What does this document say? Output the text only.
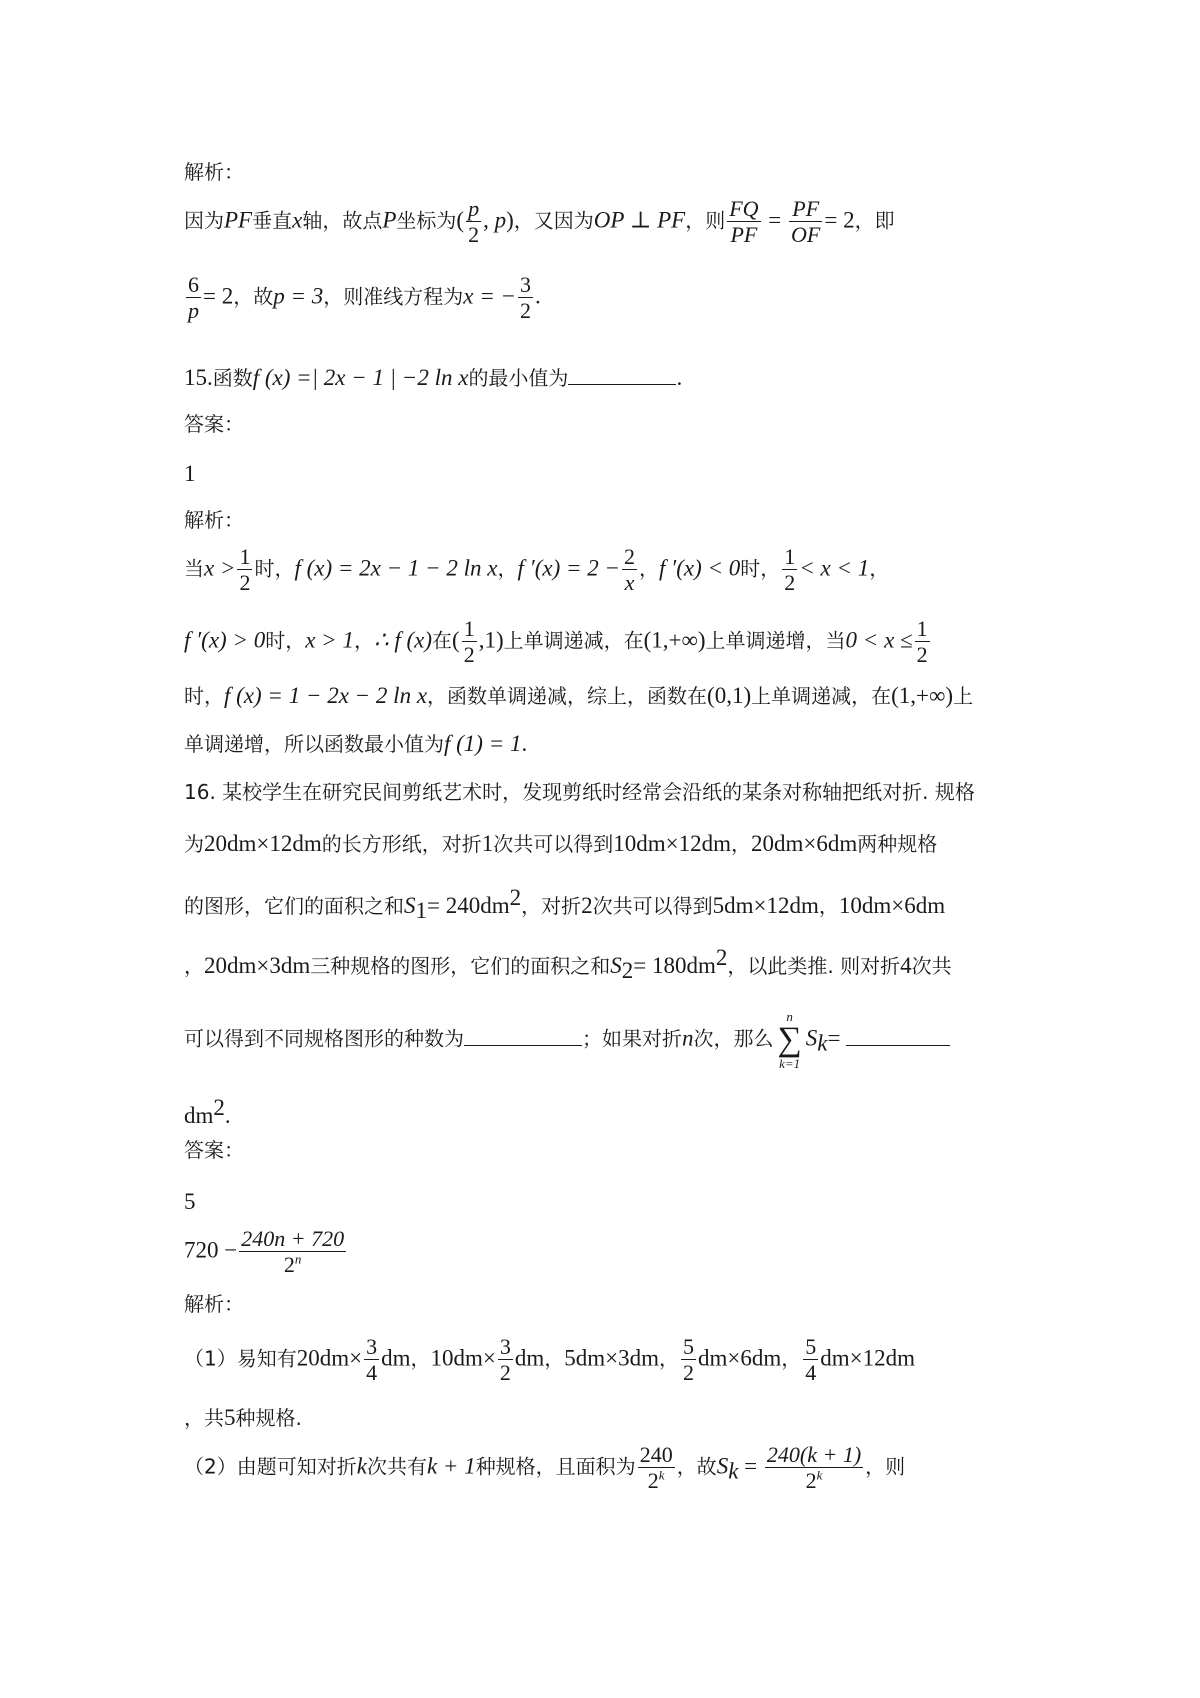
解析：
因为PF垂直x轴，故点P坐标为( $\frac{p}{2}$ , p)，又因为OP ⊥ PF，则 $\frac{FQ}{PF} = \frac{PF}{OF} = 2$，即
$\frac{6}{p} = 2$，故p = 3，则准线方程为x = − $\frac{3}{2}$ .
15.函数f (x) =| 2x − 1 | −2 ln x的最小值为	.
答案：
1
解析：
当$x > \frac{1}{2}$ 时，f (x) = 2x − 1 − 2 ln x，f $'(x) = 2 - \frac{2}{x}$ ，f ′(x) < 0时， $\frac{1}{2} < x < 1$，
f ′(x) > 0时，x > 1，∴ f (x)在( $\frac{1}{2} ,1$)上单调递减，在(1,+∞)上单调递增，当$0 < x \le \frac{1}{2}$
时，f (x) = 1 − 2x − 2 ln x，函数单调递减，综上，函数在(0,1)上单调递减，在(1,+∞)上
单调递增，所以函数最小值为f (1) = 1.
16. 某校学生在研究民间剪纸艺术时，发现剪纸时经常会沿纸的某条对称轴把纸对折. 规格
为20dm×12dm的长方形纸，对折1次共可以得到10dm×12dm，20dm×6dm两种规格
的图形，它们的面积之和$S_1= 240dm^2$，对折2次共可以得到5dm×12dm，10dm×6dm
，20dm×3dm三种规格的图形，它们的面积之和$S_2= 180dm^2$，以此类推. 则对折4次共
可以得到不同规格图形的种数为	；如果对折n次，那么
n
∑
k=1
$S_k=$
$dm^2$.
答案：
5
$720 - \frac{240n + 720}{2^n}$
解析：
（1）易知有$20dm\times \frac{3}{4}$ dm，$10dm\times \frac{3}{2}$ dm，5dm×3dm， $\frac{5}{2} dm\times 6dm$， $\frac{5}{4} dm\times 12dm$
，共5种规格.
（2）由题可知对折k次共有k + 1种规格，且面积为 $\frac{240}{2^k}$ ，故$S_k = \frac{240(k + 1)}{2^k}$ ，则
